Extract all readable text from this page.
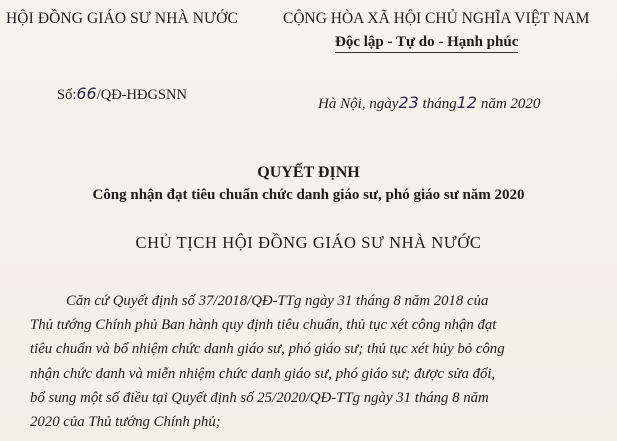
HỘI ĐỒNG GIÁO SƯ NHÀ NƯỚC	CỘNG HÒA XÃ HỘI CHỦ NGHĨA VIỆT NAM
Độc lập - Tự do - Hạnh phúc
Số:66/QĐ-HĐGSNN
Hà Nội, ngày23 tháng12 năm 2020
QUYẾT ĐỊNH
Công nhận đạt tiêu chuẩn chức danh giáo sư, phó giáo sư năm 2020
CHỦ TỊCH HỘI ĐỒNG GIÁO SƯ NHÀ NƯỚC
Căn cứ Quyết định số 37/2018/QĐ-TTg ngày 31 tháng 8 năm 2018 của
Thủ tướng Chính phủ Ban hành quy định tiêu chuẩn, thủ tục xét công nhận đạt
tiêu chuẩn và bổ nhiệm chức danh giáo sư, phó giáo sư; thủ tục xét hủy bỏ công
nhận chức danh và miễn nhiệm chức danh giáo sư, phó giáo sư; được sửa đổi,
bổ sung một số điều tại Quyết định số 25/2020/QĐ-TTg ngày 31 tháng 8 năm
2020 của Thủ tướng Chính phủ;
